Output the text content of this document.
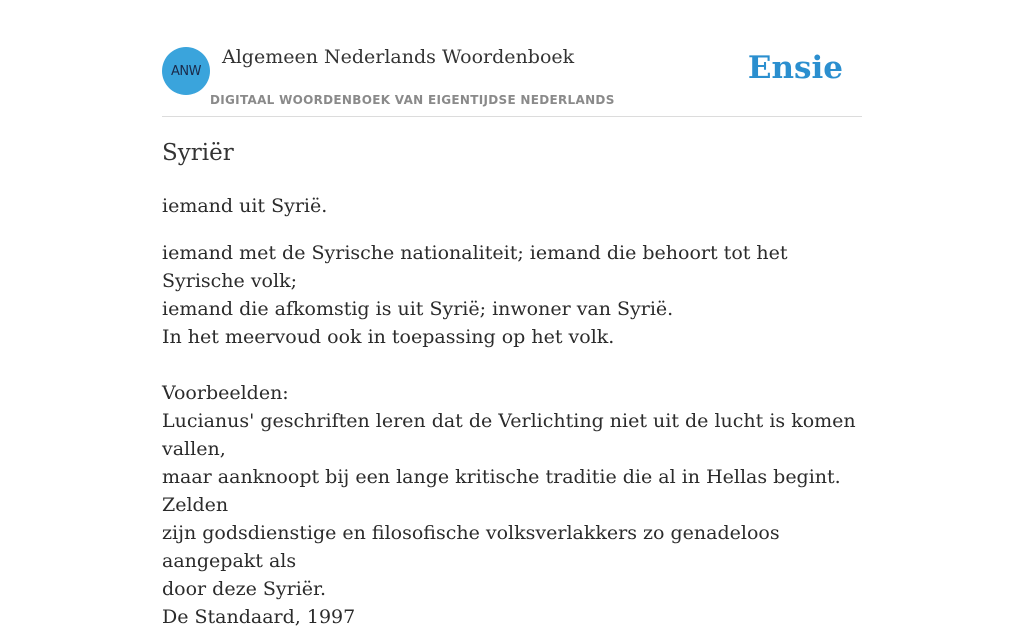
ANW
Algemeen Nederlands Woordenboek
DIGITAAL WOORDENBOEK VAN EIGENTIJDSE NEDERLANDS
Ensie
Syriër

iemand uit Syrië.

iemand met de Syrische nationaliteit; iemand die behoort tot het Syrische volk;

iemand die afkomstig is uit Syrië; inwoner van Syrië.

In het meervoud ook in toepassing op het volk.

Voorbeelden:

Lucianus' geschriften leren dat de Verlichting niet uit de lucht is komen vallen,

maar aanknoopt bij een lange kritische traditie die al in Hellas begint. Zelden

zijn godsdienstige en filosofische volksverlakkers zo genadeloos aangepakt als

door deze Syriër.

De Standaard, 1997
